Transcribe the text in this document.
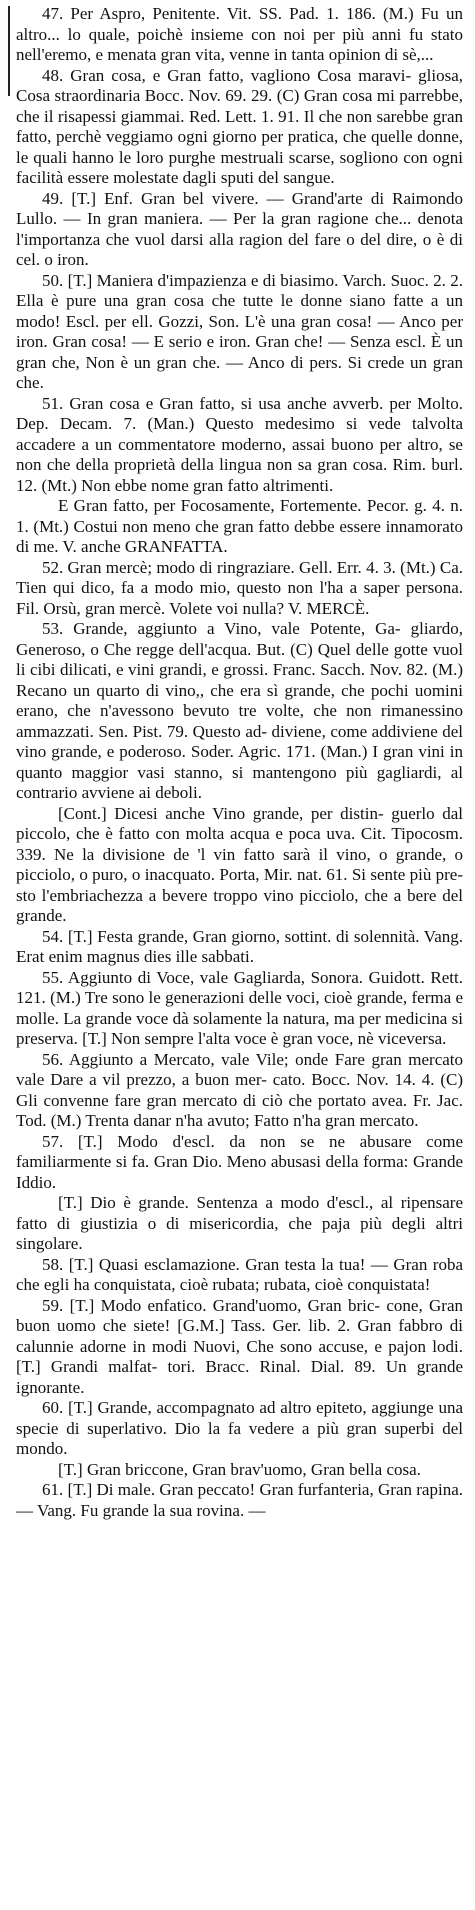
47. Per Aspro, Penitente. Vit. SS. Pad. 1. 186. (M.) Fu un altro... lo quale, poichè insieme con noi per più anni fu stato nell'eremo, e menata gran vita, venne in tanta opinion di sè,...

48. Gran cosa, e Gran fatto, vagliono Cosa maravi- gliosa, Cosa straordinaria Bocc. Nov. 69. 29. (C) Gran cosa mi parrebbe, che il risapessi giammai. Red. Lett. 1. 91. Il che non sarebbe gran fatto, perchè veggiamo ogni giorno per pratica, che quelle donne, le quali hanno le loro purghe mestruali scarse, sogliono con ogni facilità essere molestate dagli sputi del sangue.

49. [T.] Enf. Gran bel vivere. — Grand'arte di Raimondo Lullo. — In gran maniera. — Per la gran ragione che... denota l'importanza che vuol darsi alla ragion del fare o del dire, o è di cel. o iron.

50. [T.] Maniera d'impazienza e di biasimo. Varch. Suoc. 2. 2. Ella è pure una gran cosa che tutte le donne siano fatte a un modo! Escl. per ell. Gozzi, Son. L'è una gran cosa! — Anco per iron. Gran cosa! — E serio e iron. Gran che! — Senza escl. È un gran che, Non è un gran che. — Anco di pers. Si crede un gran che.

51. Gran cosa e Gran fatto, si usa anche avverb. per Molto. Dep. Decam. 7. (Man.) Questo medesimo si vede talvolta accadere a un commentatore moderno, assai buono per altro, se non che della proprietà della lingua non sa gran cosa. Rim. burl. 12. (Mt.) Non ebbe nome gran fatto altrimenti.

E Gran fatto, per Focosamente, Fortemente. Pecor. g. 4. n. 1. (Mt.) Costui non meno che gran fatto debbe essere innamorato di me. V. anche GRANFATTA.

52. Gran mercè; modo di ringraziare. Gell. Err. 4. 3. (Mt.) Ca. Tien qui dico, fa a modo mio, questo non l'ha a saper persona. Fil. Orsù, gran mercè. Volete voi nulla? V. MERCÈ.

53. Grande, aggiunto a Vino, vale Potente, Ga- gliardo, Generoso, o Che regge dell'acqua. But. (C) Quel delle gotte vuol li cibi dilicati, e vini grandi, e grossi. Franc. Sacch. Nov. 82. (M.) Recano un quarto di vino,, che era sì grande, che pochi uomini erano, che n'avessono bevuto tre volte, che non rimanessino ammazzati. Sen. Pist. 79. Questo ad- diviene, come addiviene del vino grande, e poderoso. Soder. Agric. 171. (Man.) I gran vini in quanto maggior vasi stanno, si mantengono più gagliardi, al contrario avviene ai deboli.

[Cont.] Dicesi anche Vino grande, per distin- guerlo dal piccolo, che è fatto con molta acqua e poca uva. Cit. Tipocosm. 339. Ne la divisione de 'l vin fatto sarà il vino, o grande, o picciolo, o puro, o inacquato. Porta, Mir. nat. 61. Si sente più pre- sto l'embriachezza a bevere troppo vino picciolo, che a bere del grande.

54. [T.] Festa grande, Gran giorno, sottint. di solennità. Vang. Erat enim magnus dies ille sabbati.

55. Aggiunto di Voce, vale Gagliarda, Sonora. Guidott. Rett. 121. (M.) Tre sono le generazioni delle voci, cioè grande, ferma e molle. La grande voce dà solamente la natura, ma per medicina si preserva. [T.] Non sempre l'alta voce è gran voce, nè viceversa.

56. Aggiunto a Mercato, vale Vile; onde Fare gran mercato vale Dare a vil prezzo, a buon mer- cato. Bocc. Nov. 14. 4. (C) Gli convenne fare gran mercato di ciò che portato avea. Fr. Jac. Tod. (M.) Trenta danar n'ha avuto; Fatto n'ha gran mercato.

57. [T.] Modo d'escl. da non se ne abusare come familiarmente si fa. Gran Dio. Meno abusasi della forma: Grande Iddio.

[T.] Dio è grande. Sentenza a modo d'escl., al ripensare fatto di giustizia o di misericordia, che paja più degli altri singolare.

58. [T.] Quasi esclamazione. Gran testa la tua! — Gran roba che egli ha conquistata, cioè rubata; rubata, cioè conquistata!

59. [T.] Modo enfatico. Grand'uomo, Gran bric- cone, Gran buon uomo che siete! [G.M.] Tass. Ger. lib. 2. Gran fabbro di calunnie adorne in modi Nuovi, Che sono accuse, e pajon lodi. [T.] Grandi malfat- tori. Bracc. Rinal. Dial. 89. Un grande ignorante.

60. [T.] Grande, accompagnato ad altro epiteto, aggiunge una specie di superlativo. Dio la fa vedere a più gran superbi del mondo.

[T.] Gran briccone, Gran brav'uomo, Gran bella cosa.

61. [T.] Di male. Gran peccato! Gran furfanteria, Gran rapina. — Vang. Fu grande la sua rovina. —
